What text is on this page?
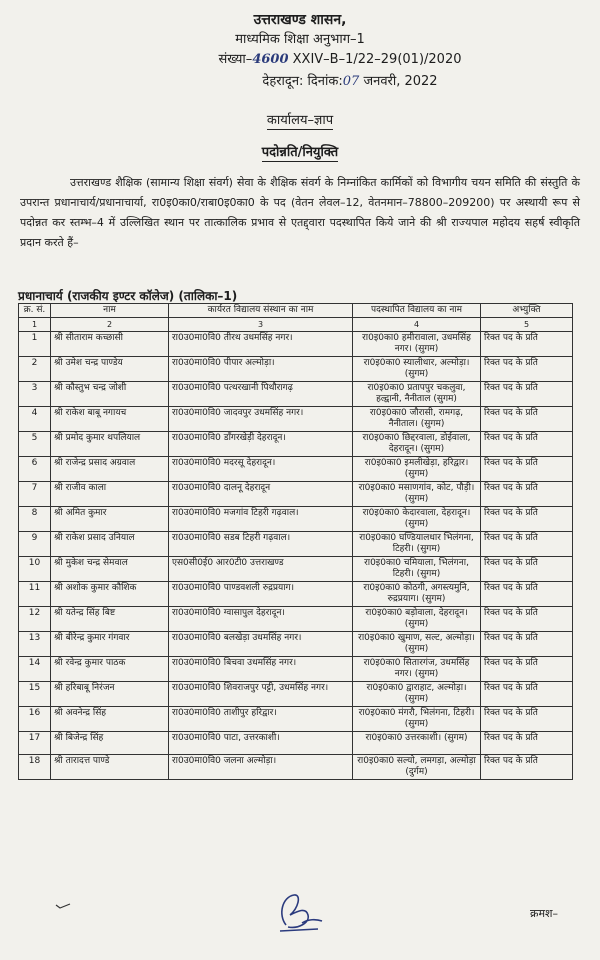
उत्तराखण्ड शासन,
माध्यमिक शिक्षा अनुभाग–1
संख्या–4600 XXIV–B–1/22–29(01)/2020
देहरादून: दिनांक:07 जनवरी, 2022
कार्यालय–ज्ञाप
पदोन्नति/नियुक्ति
उत्तराखण्ड शैक्षिक (सामान्य शिक्षा संवर्ग) सेवा के शैक्षिक संवर्ग के निम्नांकित कार्मिकों को विभागीय चयन समिति की संस्तुति के उपरान्त प्रधानाचार्य/प्रधानाचार्या, रा0इ0का0/राबा0इ0का0 के पद (वेतन लेवल–12, वेतनमान–78800–209200) पर अस्थायी रूप से पदोन्नत कर स्तम्भ–4 में उल्लिखित स्थान पर तात्कालिक प्रभाव से एतद्द्वारा पदस्थापित किये जाने की श्री राज्यपाल महोदय सहर्ष स्वीकृति प्रदान करते हैं–
प्रधानाचार्य (राजकीय इण्टर कॉलेज) (तालिका–1)
क्र. सं.	नाम	कार्यरत विद्यालय संस्थान का नाम	पदस्थापित विद्यालय का नाम	अभ्युक्ति
1	2	3	4	5
1	श्री सीताराम कच्छासी	रा0उ0मा0वि0 तीरथ उधमसिंह नगर।	रा0इ0का0 हमीरावाला, उधमसिंह नगर। (सुगम)	रिक्त पद के प्रति
2	श्री उमेश चन्द्र पाण्डेय	रा0उ0मा0वि0 पीपार अल्मोड़ा।	रा0इ0का0 स्यालीधार, अल्मोड़ा। (सुगम)	रिक्त पद के प्रति
3	श्री कौस्तुभ चन्द्र जोशी	रा0उ0मा0वि0 पत्थरखानी पिथौरागढ़	रा0इ0का0 प्रतापपुर चकलुवा, हल्द्वानी, नैनीताल (सुगम)	रिक्त पद के प्रति
4	श्री राकेश बाबू नगायच	रा0उ0मा0वि0 जादवपुर उधमसिंह नगर।	रा0इ0का0 जौरासी, रामगढ़, नैनीताल। (सुगम)	रिक्त पद के प्रति
5	श्री प्रमोद कुमार थपलियाल	रा0उ0मा0वि0 डाँगरखेड़ी देहरादून।	रा0इ0का0 छिद्दरवाला, डोईवाला, देहरादून। (सुगम)	रिक्त पद के प्रति
6	श्री राजेन्द्र प्रसाद अग्रवाल	रा0उ0मा0वि0 मदरसू देहरादून।	रा0इ0का0 इमलीखेड़ा, हरिद्वार। (सुगम)	रिक्त पद के प्रति
7	श्री राजीव काला	रा0उ0मा0वि0 दालनू देहरादून	रा0इ0का0 मसाणगांव, कोट, पौड़ी। (सुगम)	रिक्त पद के प्रति
8	श्री अमित कुमार	रा0उ0मा0वि0 मजगांव टिहरी गढ़वाल।	रा0इ0का0 केदारवाला, देहरादून। (सुगम)	रिक्त पद के प्रति
9	श्री राकेश प्रसाद उनियाल	रा0उ0मा0वि0 सडब टिहरी गढ़वाल।	रा0इ0का0 घण्डियालधार भिलंगना, टिहरी। (सुगम)	रिक्त पद के प्रति
10	श्री मुकेश चन्द्र सेमवाल	एस0सी0ई0 आर0टी0 उत्तराखण्ड	रा0इ0का0 चमियाला, भिलंगना, टिहरी। (सुगम)	रिक्त पद के प्रति
11	श्री अशोक कुमार कौशिक	रा0उ0मा0वि0 पाण्डवशली रुद्रप्रयाग।	रा0इ0का0 कोठगी, अगस्त्यमुनि, रुद्रप्रयाग। (सुगम)	रिक्त पद के प्रति
12	श्री यतेन्द्र सिंह बिष्ट	रा0उ0मा0वि0 ग्वासापुल देहरादून।	रा0इ0का0 बड़ोवाला, देहरादून। (सुगम)	रिक्त पद के प्रति
13	श्री बीरेन्द्र कुमार गंगवार	रा0उ0मा0वि0 बलखेड़ा उधमसिंह नगर।	रा0इ0का0 खुमाण, सल्ट, अल्मोड़ा। (सुगम)	रिक्त पद के प्रति
14	श्री रवेन्द्र कुमार पाठक	रा0उ0मा0वि0 बिचवा उधमसिंह नगर।	रा0इ0का0 सितारगंज, उधमसिंह नगर। (सुगम)	रिक्त पद के प्रति
15	श्री हरिबाबू निरंजन	रा0उ0मा0वि0 शिवराजपुर पट्टी, उधमसिंह नगर।	रा0इ0का0 द्वाराहाट, अल्मोड़ा। (सुगम)	रिक्त पद के प्रति
16	श्री अवनेन्द्र सिंह	रा0उ0मा0वि0 ताशीपुर हरिद्वार।	रा0इ0का0 मंगरौ, भिलंगना, टिहरी। (सुगम)	रिक्त पद के प्रति
17	श्री बिजेन्द्र सिंह	रा0उ0मा0वि0 पाटा, उत्तरकाशी।	रा0इ0का0 उत्तरकाशी। (सुगम)	रिक्त पद के प्रति
18	श्री तारादत्त पाण्डे	रा0उ0मा0वि0 जलना अल्मोड़ा।	रा0इ0का0 सल्यो, लमगड़ा, अल्मोड़ा (दुर्गम)	रिक्त पद के प्रति
क्रमश–
